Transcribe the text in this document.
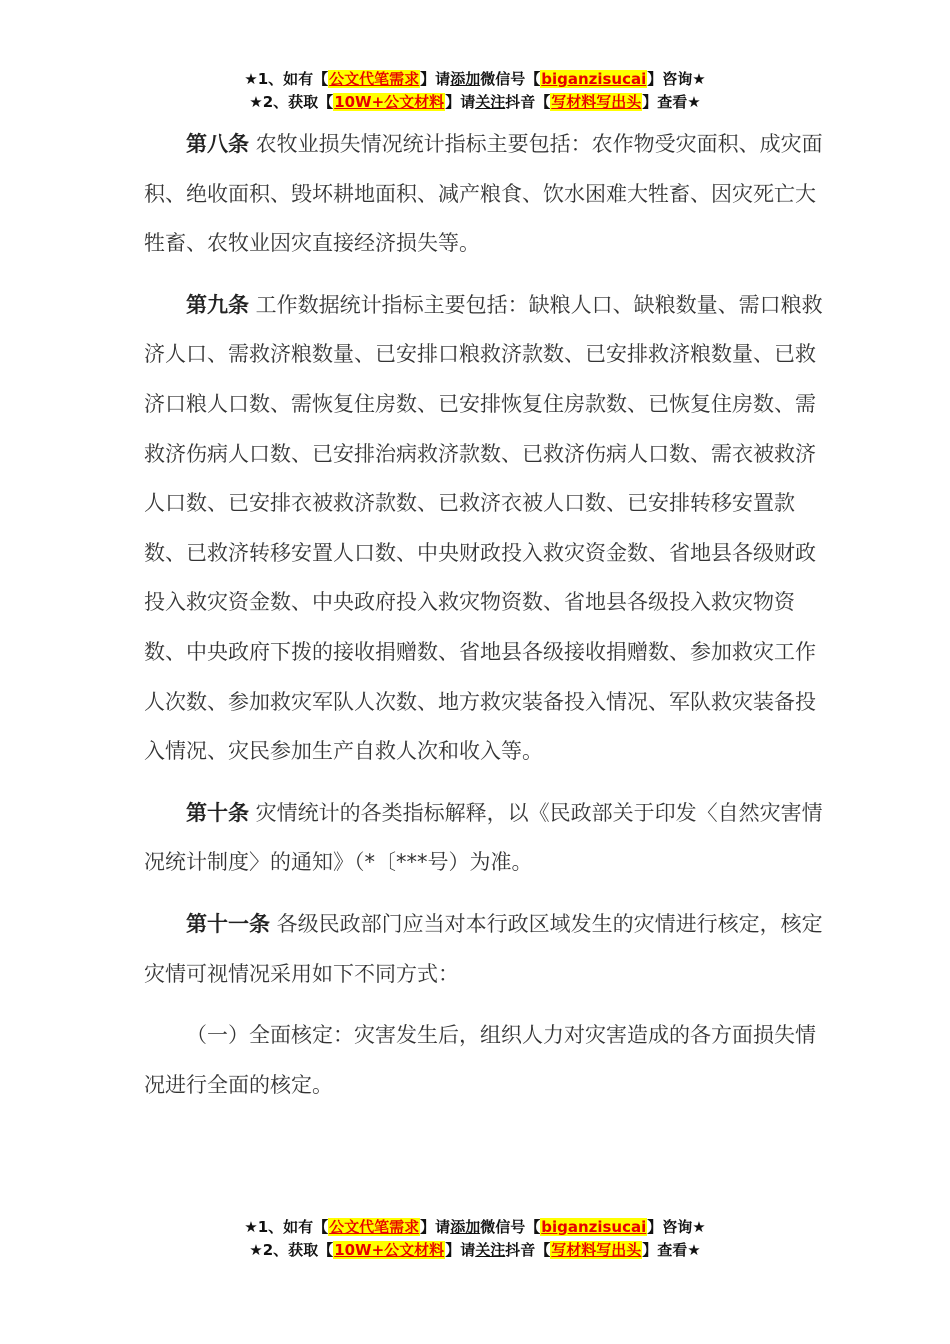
★1、如有【公文代笔需求】请添加微信号【biganzisucai】咨询★
★2、获取【10W+公文材料】请关注抖音【写材料写出头】查看★

第八条 农牧业损失情况统计指标主要包括：农作物受灾面积、成灾面积、绝收面积、毁坏耕地面积、减产粮食、饮水困难大牲畜、因灾死亡大牲畜、农牧业因灾直接经济损失等。

第九条 工作数据统计指标主要包括：缺粮人口、缺粮数量、需口粮救济人口、需救济粮数量、已安排口粮救济款数、已安排救济粮数量、已救济口粮人口数、需恢复住房数、已安排恢复住房款数、已恢复住房数、需救济伤病人口数、已安排治病救济款数、已救济伤病人口数、需衣被救济人口数、已安排衣被救济款数、已救济衣被人口数、已安排转移安置款数、已救济转移安置人口数、中央财政投入救灾资金数、省地县各级财政投入救灾资金数、中央政府投入救灾物资数、省地县各级投入救灾物资数、中央政府下拨的接收捐赠数、省地县各级接收捐赠数、参加救灾工作人次数、参加救灾军队人次数、地方救灾装备投入情况、军队救灾装备投入情况、灾民参加生产自救人次和收入等。

第十条 灾情统计的各类指标解释，以《民政部关于印发〈自然灾害情况统计制度〉的通知》（*〔***号）为准。

第十一条 各级民政部门应当对本行政区域发生的灾情进行核定，核定灾情可视情况采用如下不同方式：

（一）全面核定：灾害发生后，组织人力对灾害造成的各方面损失情况进行全面的核定。

★1、如有【公文代笔需求】请添加微信号【biganzisucai】咨询★
★2、获取【10W+公文材料】请关注抖音【写材料写出头】查看★
